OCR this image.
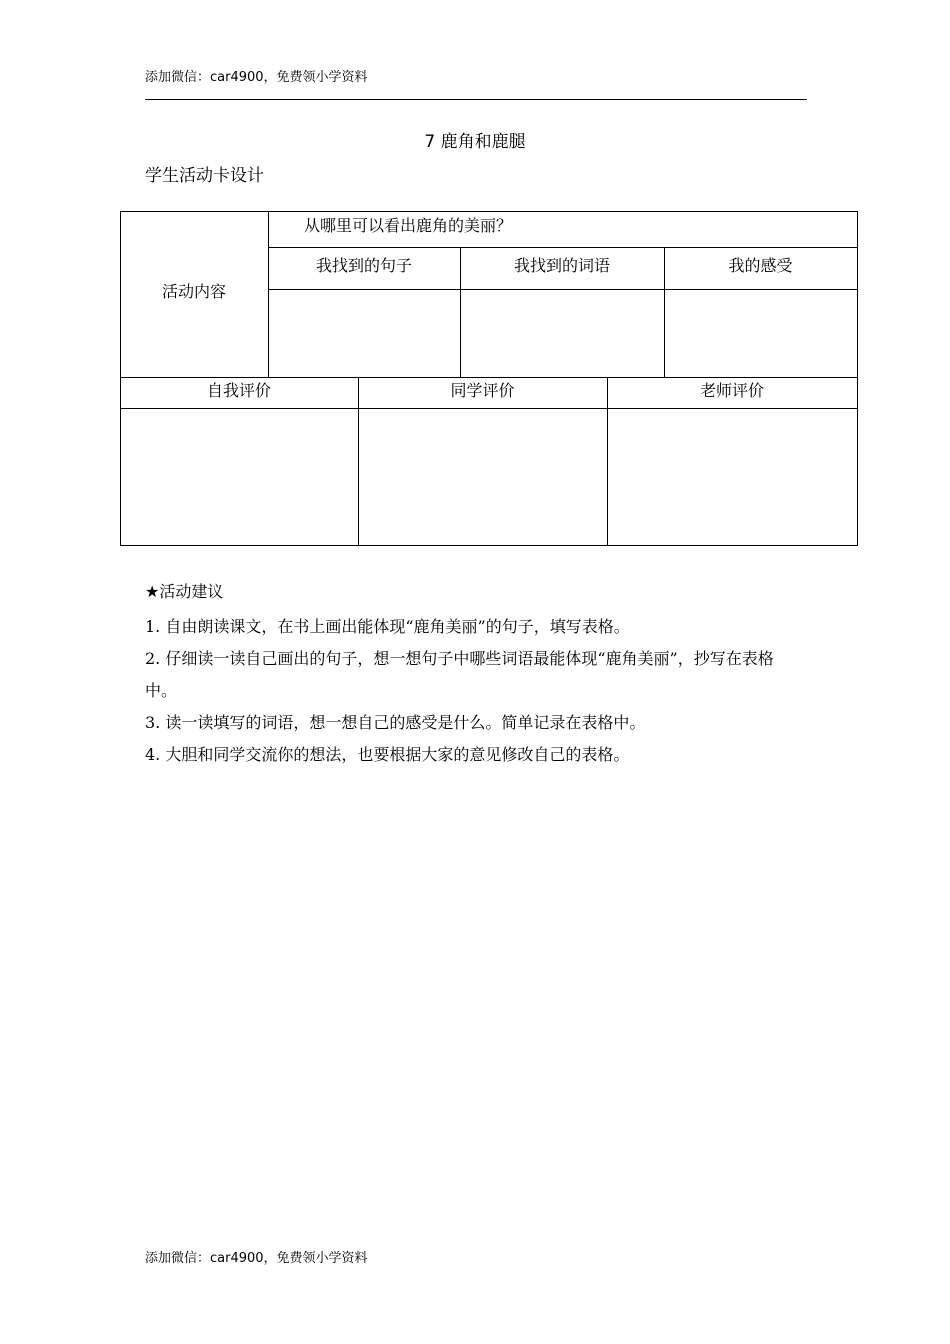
添加微信：car4900，免费领小学资料
7 鹿角和鹿腿
学生活动卡设计
活动内容
从哪里可以看出鹿角的美丽？
我找到的句子	我找到的词语	我的感受
自我评价	同学评价	老师评价
★活动建议
1. 自由朗读课文，在书上画出能体现“鹿角美丽”的句子，填写表格。
2. 仔细读一读自己画出的句子，想一想句子中哪些词语最能体现“鹿角美丽”，抄写在表格中。
3. 读一读填写的词语，想一想自己的感受是什么。简单记录在表格中。
4. 大胆和同学交流你的想法，也要根据大家的意见修改自己的表格。
添加微信：car4900，免费领小学资料
